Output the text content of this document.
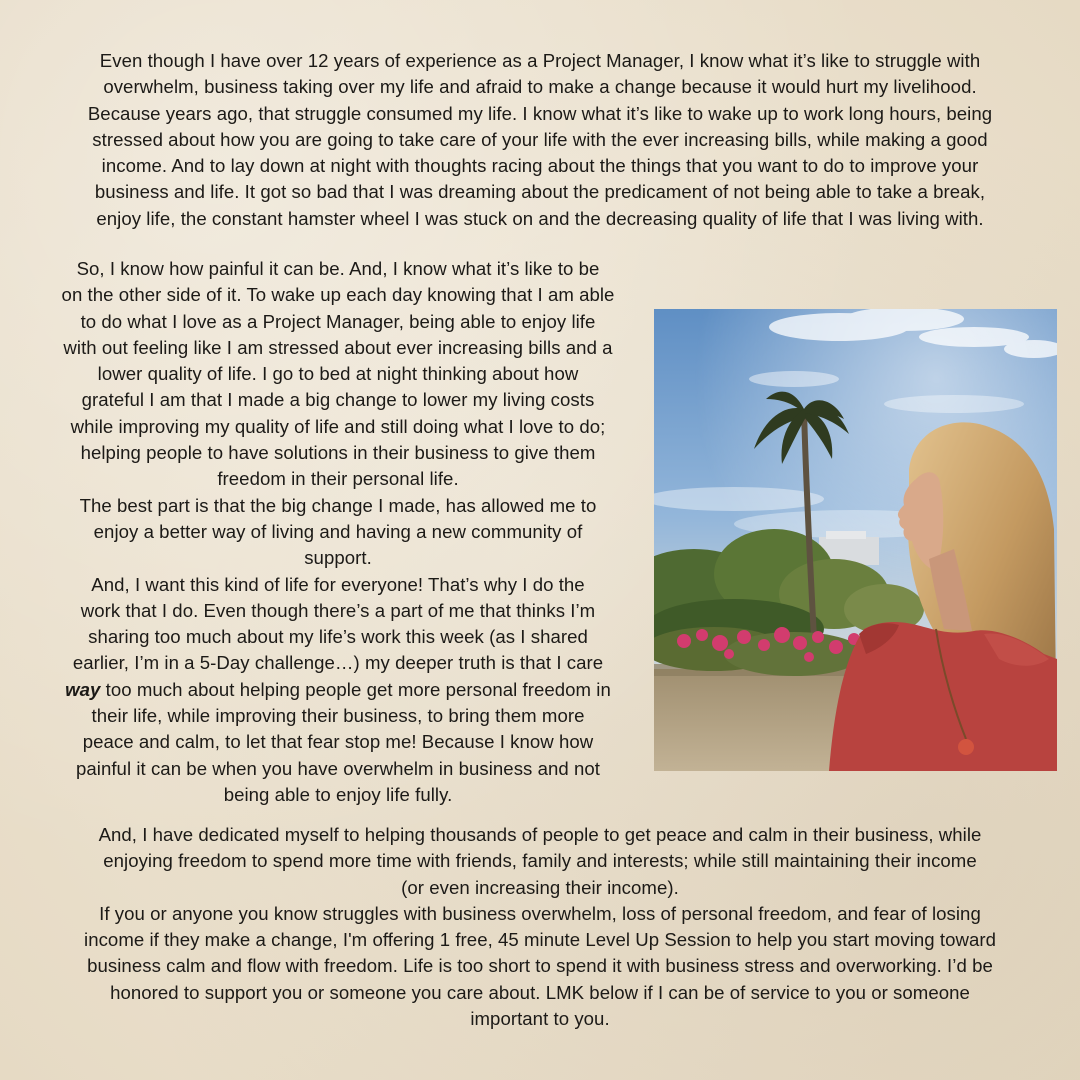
Even though I have over 12 years of experience as a Project Manager, I know what it’s like to struggle with
overwhelm, business taking over my life and afraid to make a change because it would hurt my livelihood.
Because years ago, that struggle consumed my life. I know what it’s like to wake up to work long hours, being
stressed about how you are going to take care of your life with the ever increasing bills, while making a good
income. And to lay down at night with thoughts racing about the things that you want to do to improve your
business and life. It got so bad that I was dreaming about the predicament of not being able to take a break,
enjoy life, the constant hamster wheel I was stuck on and the decreasing quality of life that I was living with.

So, I know how painful it can be. And, I know what it’s like to be
on the other side of it. To wake up each day knowing that I am able
to do what I love as a Project Manager, being able to enjoy life
with out feeling like I am stressed about ever increasing bills and a
lower quality of life. I go to bed at night thinking about how
grateful I am that I made a big change to lower my living costs
while improving my quality of life and still doing what I love to do;
helping people to have solutions in their business to give them
freedom in their personal life.
The best part is that the big change I made, has allowed me to
enjoy a better way of living and having a new community of
support.
And, I want this kind of life for everyone! That’s why I do the
work that I do. Even though there’s a part of me that thinks I’m
sharing too much about my life’s work this week (as I shared
earlier, I’m in a 5-Day challenge…) my deeper truth is that I care
way too much about helping people get more personal freedom in
their life, while improving their business, to bring them more
peace and calm, to let that fear stop me! Because I know how
painful it can be when you have overwhelm in business and not
being able to enjoy life fully.

And, I have dedicated myself to helping thousands of people to get peace and calm in their business, while
enjoying freedom to spend more time with friends, family and interests; while still maintaining their income
(or even increasing their income).
If you or anyone you know struggles with business overwhelm, loss of personal freedom, and fear of losing
income if they make a change, I'm offering 1 free, 45 minute Level Up Session to help you start moving toward
business calm and flow with freedom. Life is too short to spend it with business stress and overworking. I’d be
honored to support you or someone you care about. LMK below if I can be of service to you or someone
important to you.
